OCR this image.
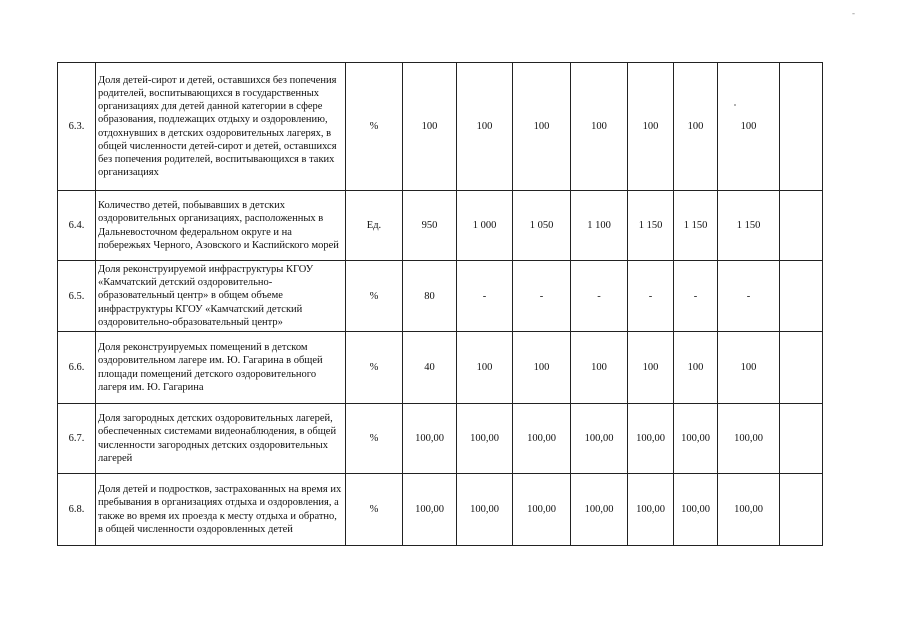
-
6.3.	Доля детей-сирот и детей, оставшихся без попечения родителей, воспитывающихся в государственных организациях для детей данной категории в сфере образования, подлежащих отдыху и оздоровлению, отдохнувших в детских оздоровительных лагерях, в общей численности детей-сирот и детей, оставшихся без попечения родителей, воспитывающихся в таких организациях	%	100	100	100	100	100	100	100	
6.4.	Количество детей, побывавших в детских оздоровительных организациях, расположенных в Дальневосточном федеральном округе и на побережьях Черного, Азовского и Каспийского морей	Ед.	950	1 000	1 050	1 100	1 150	1 150	1 150	
6.5.	Доля реконструируемой инфраструктуры КГОУ «Камчатский детский оздоровительно-образовательный центр» в общем объеме инфраструктуры КГОУ «Камчатский детский оздоровительно-образовательный центр»	%	80	-	-	-	-	-	-	
6.6.	Доля реконструируемых помещений в детском оздоровительном лагере им. Ю. Гагарина в общей площади помещений детского оздоровительного лагеря им. Ю. Гагарина	%	40	100	100	100	100	100	100	
6.7.	Доля загородных детских оздоровительных лагерей, обеспеченных системами видеонаблюдения, в общей численности загородных детских оздоровительных лагерей	%	100,00	100,00	100,00	100,00	100,00	100,00	100,00	
6.8.	Доля детей и подростков, застрахованных на время их пребывания в организациях отдыха и оздоровления, а также во время их проезда к месту отдыха и обратно, в общей численности оздоровленных детей	%	100,00	100,00	100,00	100,00	100,00	100,00	100,00	
